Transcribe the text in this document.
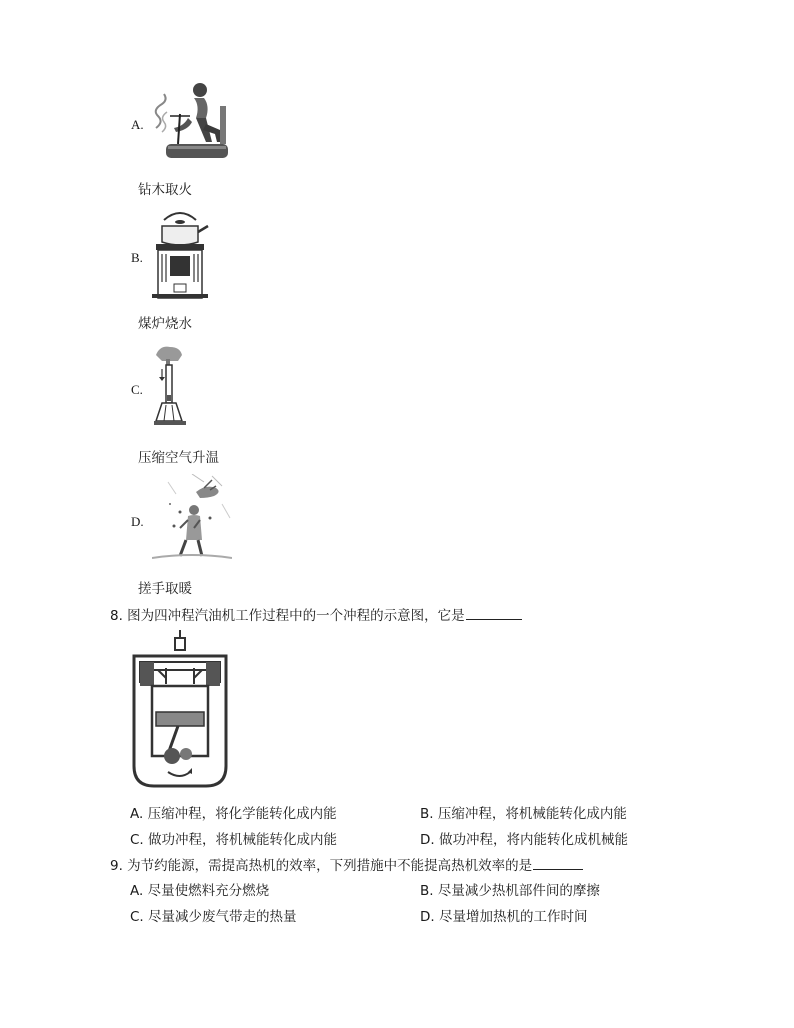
A.
钻木取火
B.
煤炉烧水
C.
压缩空气升温
D.
搓手取暖
8. 图为四冲程汽油机工作过程中的一个冲程的示意图，它是
A. 压缩冲程，将化学能转化成内能	B. 压缩冲程，将机械能转化成内能
C. 做功冲程，将机械能转化成内能	D. 做功冲程，将内能转化成机械能
9. 为节约能源，需提高热机的效率，下列措施中不能提高热机效率的是
A. 尽量使燃料充分燃烧	B. 尽量减少热机部件间的摩擦
C. 尽量减少废气带走的热量	D. 尽量增加热机的工作时间
